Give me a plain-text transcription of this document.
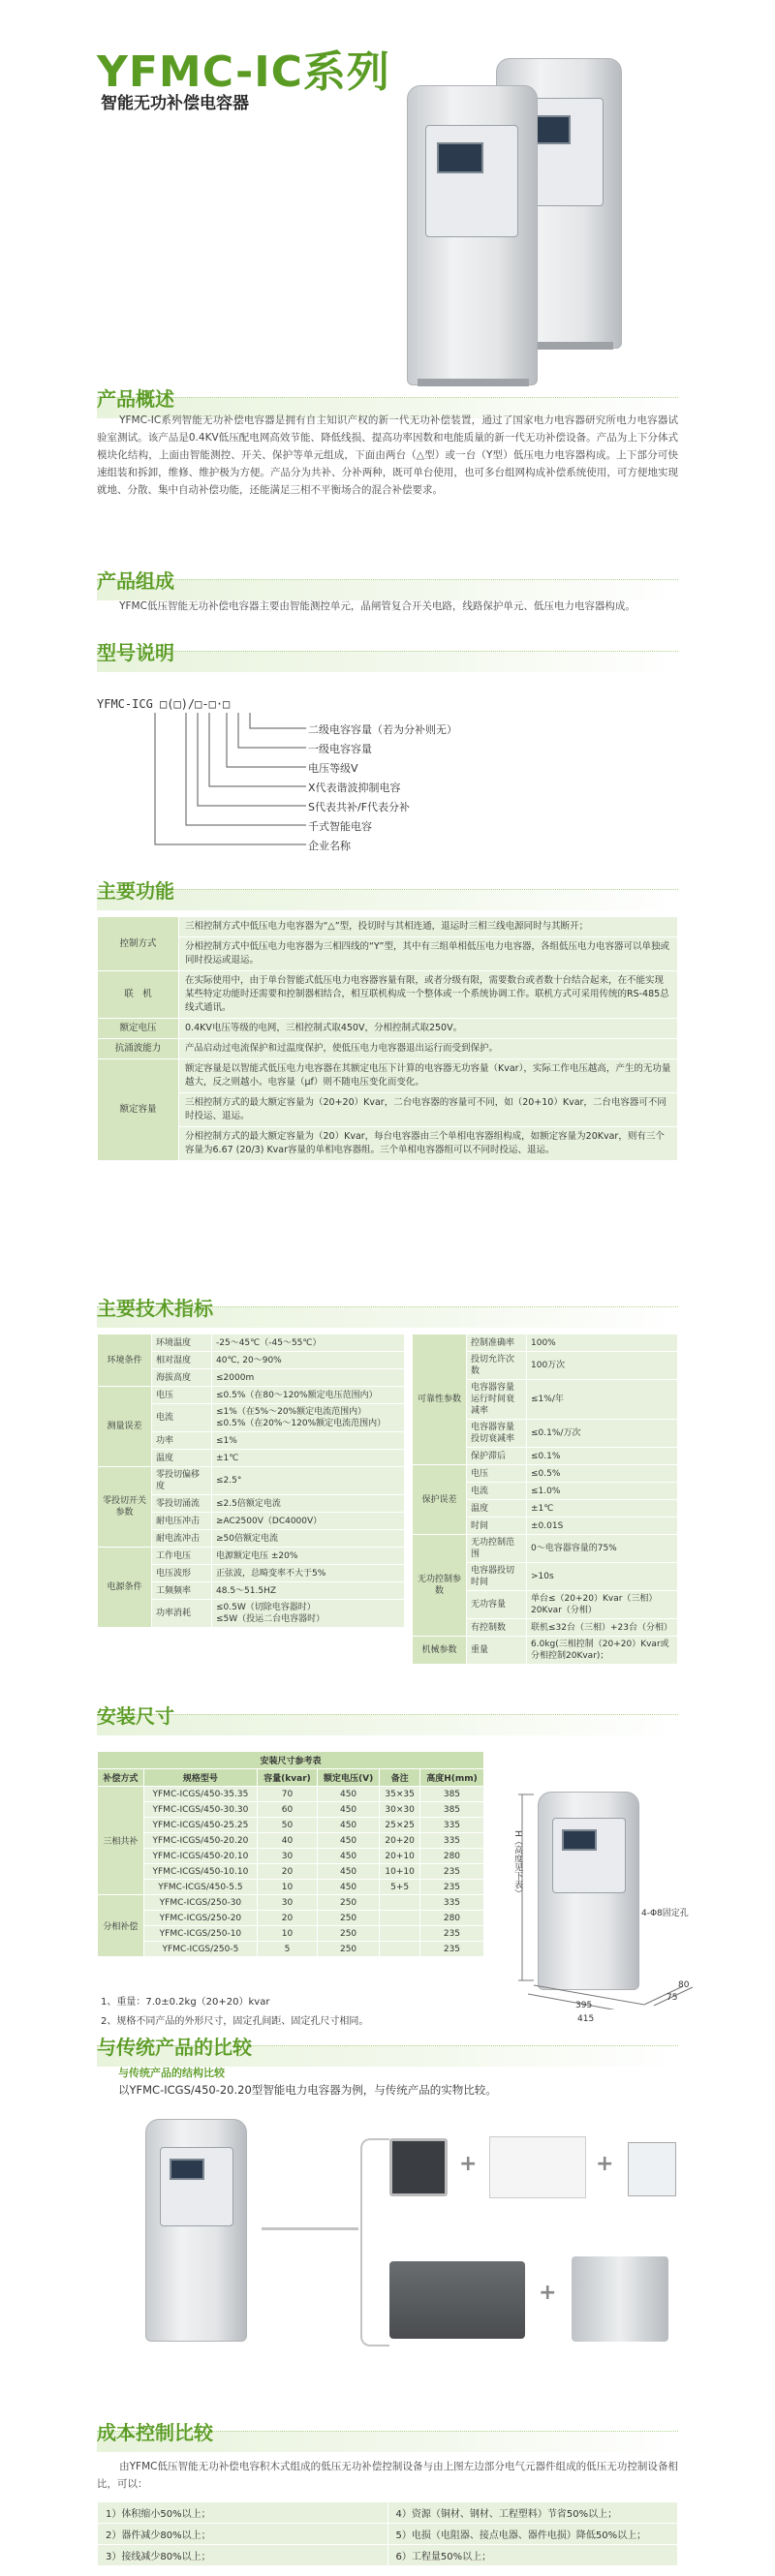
YFMC-IC系列
智能无功补偿电容器
产品概述
YFMC-IC系列智能无功补偿电容器是拥有自主知识产权的新一代无功补偿装置，通过了国家电力电容器研究所电力电容器试验室测试。该产品是0.4KV低压配电网高效节能、降低线损、提高功率因数和电能质量的新一代无功补偿设备。产品为上下分体式模块化结构，上面由智能测控、开关、保护等单元组成，下面由两台（△型）或一台（Y型）低压电力电容器构成。上下部分可快速组装和拆卸，维修、维护极为方便。产品分为共补、分补两种，既可单台使用，也可多台组网构成补偿系统使用，可方便地实现就地、分散、集中自动补偿功能，还能满足三相不平衡场合的混合补偿要求。
产品组成
YFMC低压智能无功补偿电容器主要由智能测控单元，晶闸管复合开关电路，线路保护单元、低压电力电容器构成。
型号说明
YFMC-ICG □(□)/□-□·□
二级电容容量（若为分补则无）
一级电容容量
电压等级V
X代表谐波抑制电容
S代表共补/F代表分补
千式智能电容
企业名称
主要功能
控制方式	三相控制方式中低压电力电容器为“△”型，投切时与其相连通，退运时三相三线电源同时与其断开；
	分相控制方式中低压电力电容器为三相四线的“Y”型，其中有三组单相低压电力电容器，各组低压电力电容器可以单独或同时投运或退运。
联　机	在实际使用中，由于单台智能式低压电力电容器容量有限，或者分级有限，需要数台或者数十台结合起来，在不能实现某些特定功能时还需要和控制器相结合，相互联机构成一个整体或一个系统协调工作。联机方式可采用传统的RS-485总线式通讯。
额定电压	0.4KV电压等级的电网，三相控制式取450V，分相控制式取250V。
抗涌波能力	产品启动过电流保护和过温度保护，使低压电力电容器退出运行而受到保护。
额定容量	额定容量是以智能式低压电力电容器在其额定电压下计算的电容器无功容量（Kvar），实际工作电压越高，产生的无功量越大，反之则越小。电容量（μf）则不随电压变化而变化。
	三相控制方式的最大额定容量为（20+20）Kvar，二台电容器的容量可不同，如（20+10）Kvar，二台电容器可不同时投运、退运。
	分相控制方式的最大额定容量为（20）Kvar，每台电容器由三个单相电容器组构成，如额定容量为20Kvar，则有三个容量为6.67 (20/3) Kvar容量的单相电容器组。三个单相电容器组可以不同时投运、退运。
主要技术指标
环境条件	环境温度	-25～45℃（-45～55℃）
	相对湿度	40℃, 20～90%
	海拔高度	≤2000m
测量误差	电压	≤0.5%（在80～120%额定电压范围内）
	电流	≤1%（在5%～20%额定电流范围内）
≤0.5%（在20%～120%额定电流范围内）
	功率	≤1%
	温度	±1℃
零投切开关参数	零投切偏移度	≤2.5°
	零投切涌流	≤2.5倍额定电流
	耐电压冲击	≥AC2500V（DC4000V）
	耐电流冲击	≥50倍额定电流
电源条件	工作电压	电源额定电压 ±20%
	电压波形	正弦波，总畸变率不大于5%
	工频频率	48.5～51.5HZ
	功率消耗	≤0.5W（切除电容器时）
≤5W（投运二台电容器时）
可靠性参数	控制准确率	100%
	投切允许次数	100万次
	电容器容量运行时间衰减率	≤1%/年
	电容器容量投切衰减率	≤0.1%/万次
	保护滞后	≤0.1%
保护误差	电压	≤0.5%
	电流	≤1.0%
	温度	±1℃
	时间	±0.01S
无功控制参数	无功控制范围	0～电容器容量的75%
	电容器投切时间	>10s
	无功容量	单台≤（20+20）Kvar（三相）
20Kvar（分相）
	有控制数	联机≤32台（三相）+23台（分相）
机械参数	重量	6.0kg(三相控制（20+20）Kvar或分相控制20Kvar)；
安装尺寸
安装尺寸参考表					
补偿方式	规格型号	容量(kvar)	额定电压(V)	备注	高度H(mm)
三相共补	YFMC-ICGS/450-35.35	70	450	35×35	385
	YFMC-ICGS/450-30.30	60	450	30×30	385
	YFMC-ICGS/450-25.25	50	450	25×25	335
	YFMC-ICGS/450-20.20	40	450	20+20	335
	YFMC-ICGS/450-20.10	30	450	20+10	280
	YFMC-ICGS/450-10.10	20	450	10+10	235
	YFMC-ICGS/450-5.5	10	450	5+5	235
分相补偿	YFMC-ICGS/250-30	30	250		335
	YFMC-ICGS/250-20	20	250		280
	YFMC-ICGS/250-10	10	250		235
	YFMC-ICGS/250-5	5	250		235
1、重量：7.0±0.2kg（20+20）kvar
2、规格不同产品的外形尺寸，固定孔间距、固定孔尺寸相同。
H（高度见下表）
395
415
75
80
4-Φ8固定孔
与传统产品的比较
与传统产品的结构比较
以YFMC-ICGS/450-20.20型智能电力电容器为例，与传统产品的实物比较。
+	+
+
成本控制比较
由YFMC低压智能无功补偿电容积木式组成的低压无功补偿控制设备与由上图左边部分电气元器件组成的低压无功控制设备相比，可以：
1）体积缩小50%以上；	4）资源（铜材、钢材、工程塑料）节省50%以上；
2）器件减少80%以上；	5）电损（电阻器、接点电器、器件电损）降低50%以上；
3）接线减少80%以上；	6）工程量50%以上；
